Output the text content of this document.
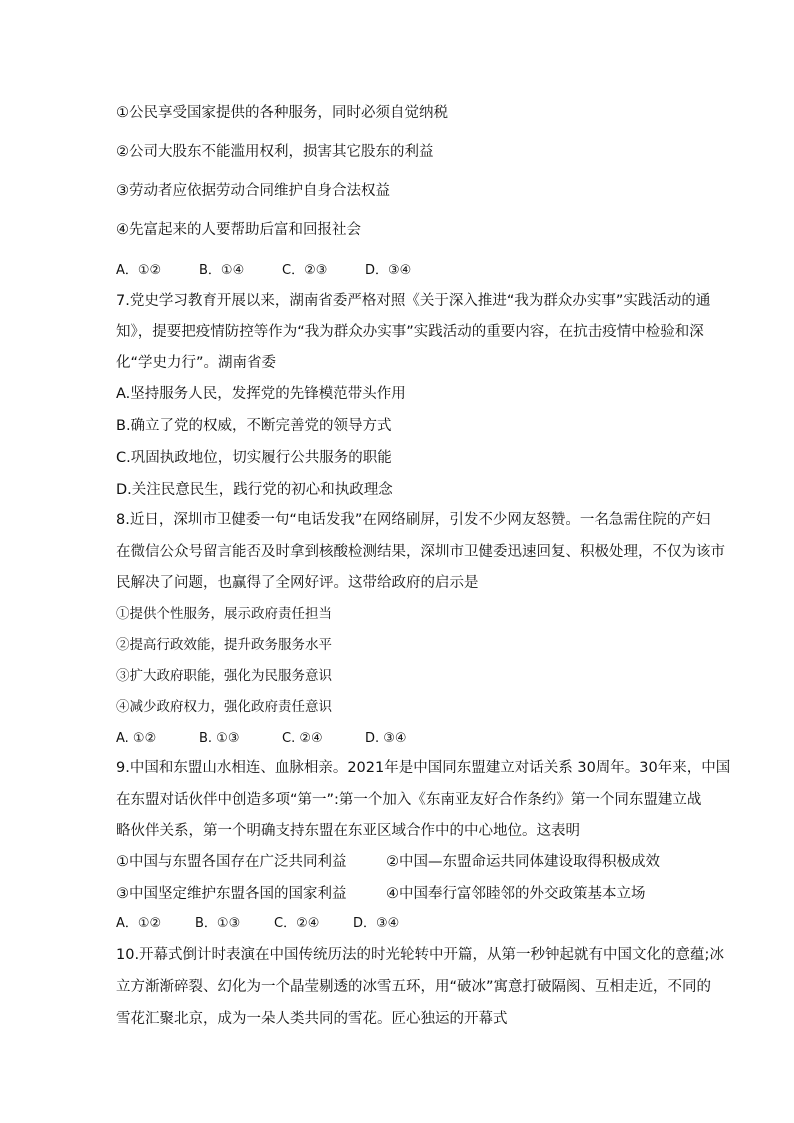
①公民享受国家提供的各种服务，同时必须自觉纳税
②公司大股东不能滥用权利，损害其它股东的利益
③劳动者应依据劳动合同维护自身合法权益
④先富起来的人要帮助后富和回报社会
A．①②	B．①④	C．②③	D．③④
7.党史学习教育开展以来，湖南省委严格对照《关于深入推进“我为群众办实事”实践活动的通
知》，提要把疫情防控等作为“我为群众办实事”实践活动的重要内容，在抗击疫情中检验和深
化“学史力行”。湖南省委
A.坚持服务人民，发挥党的先锋模范带头作用
B.确立了党的权威，不断完善党的领导方式
C.巩固执政地位，切实履行公共服务的职能
D.关注民意民生，践行党的初心和执政理念
8.近日，深圳市卫健委一句“电话发我”在网络刷屏，引发不少网友怒赞。一名急需住院的产妇
在微信公众号留言能否及时拿到核酸检测结果，深圳市卫健委迅速回复、积极处理，不仅为该市
民解决了问题，也赢得了全网好评。这带给政府的启示是
①提供个性服务，展示政府责任担当
②提高行政效能，提升政务服务水平
③扩大政府职能，强化为民服务意识
④减少政府权力，强化政府责任意识
A. ①②	B. ①③	C. ②④	D. ③④
9.中国和东盟山水相连、血脉相亲。2021年是中国同东盟建立对话关系 30周年。30年来，中国
在东盟对话伙伴中创造多项“第一”:第一个加入《东南亚友好合作条约》第一个同东盟建立战
略伙伴关系，第一个明确支持东盟在东亚区域合作中的中心地位。这表明
①中国与东盟各国存在广泛共同利益	②中国—东盟命运共同体建设取得积极成效
③中国坚定维护东盟各国的国家利益	④中国奉行富邻睦邻的外交政策基本立场
A．①②	B．①③	C．②④	D．③④
10.开幕式倒计时表演在中国传统历法的时光轮转中开篇，从第一秒钟起就有中国文化的意蕴;冰
立方渐渐碎裂、幻化为一个晶莹剔透的冰雪五环，用“破冰”寓意打破隔阂、互相走近，不同的
雪花汇聚北京，成为一朵人类共同的雪花。匠心独运的开幕式
